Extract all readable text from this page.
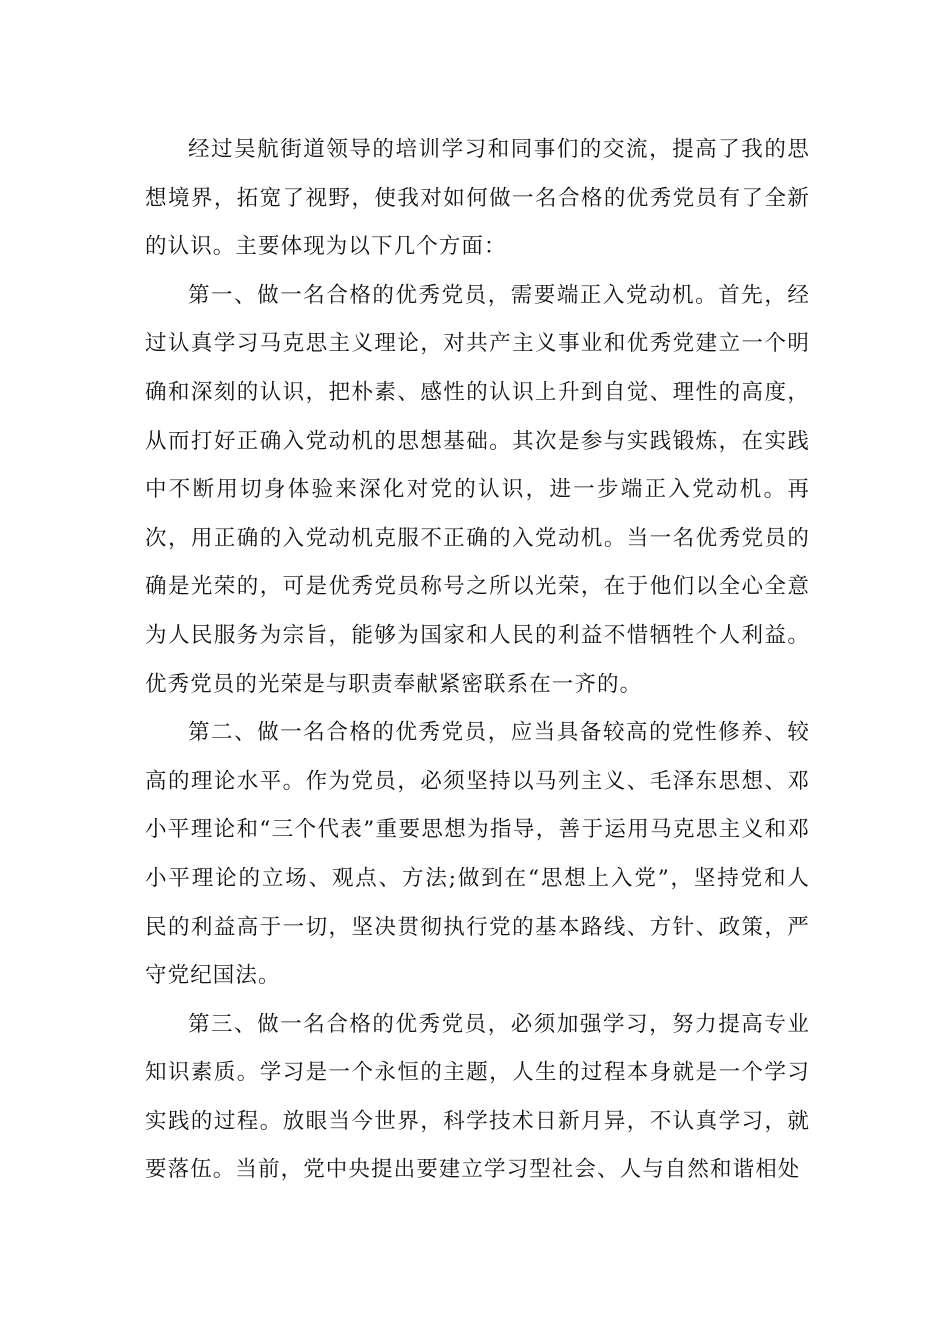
经过吴航街道领导的培训学习和同事们的交流，提高了我的思想境界，拓宽了视野，使我对如何做一名合格的优秀党员有了全新的认识。主要体现为以下几个方面：

第一、做一名合格的优秀党员，需要端正入党动机。首先，经过认真学习马克思主义理论，对共产主义事业和优秀党建立一个明确和深刻的认识，把朴素、感性的认识上升到自觉、理性的高度，从而打好正确入党动机的思想基础。其次是参与实践锻炼，在实践中不断用切身体验来深化对党的认识，进一步端正入党动机。再次，用正确的入党动机克服不正确的入党动机。当一名优秀党员的确是光荣的，可是优秀党员称号之所以光荣，在于他们以全心全意为人民服务为宗旨，能够为国家和人民的利益不惜牺牲个人利益。优秀党员的光荣是与职责奉献紧密联系在一齐的。

第二、做一名合格的优秀党员，应当具备较高的党性修养、较高的理论水平。作为党员，必须坚持以马列主义、毛泽东思想、邓小平理论和“三个代表”重要思想为指导，善于运用马克思主义和邓小平理论的立场、观点、方法;做到在“思想上入党”，坚持党和人民的利益高于一切，坚决贯彻执行党的基本路线、方针、政策，严守党纪国法。

第三、做一名合格的优秀党员，必须加强学习，努力提高专业知识素质。学习是一个永恒的主题，人生的过程本身就是一个学习实践的过程。放眼当今世界，科学技术日新月异，不认真学习，就要落伍。当前，党中央提出要建立学习型社会、人与自然和谐相处
